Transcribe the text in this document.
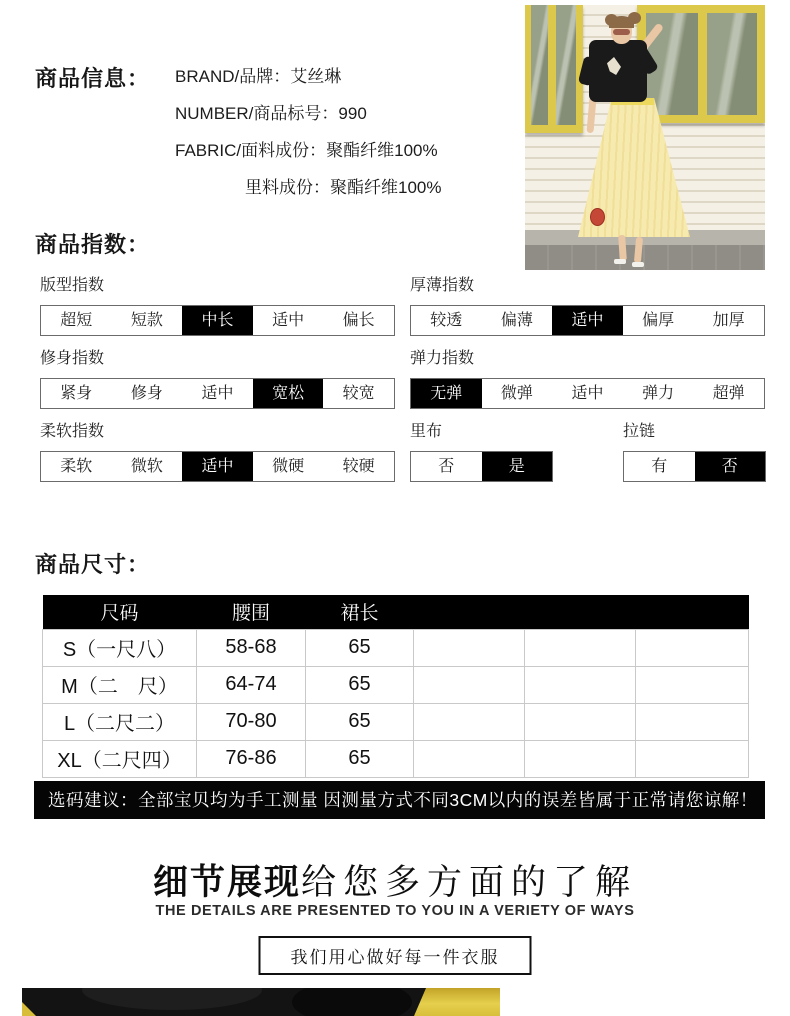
商品信息： BRAND/品牌：艾丝琳
NUMBER/商品标号：990
FABRIC/面料成份：聚酯纤维100%
里料成份：聚酯纤维100%
商品指数：
版型指数
超短	短款	中长	适中	偏长
厚薄指数
较透	偏薄	适中	偏厚	加厚
修身指数
紧身	修身	适中	宽松	较宽
弹力指数
无弹	微弹	适中	弹力	超弹
柔软指数
柔软	微软	适中	微硬	较硬
里布
否	是
拉链
有	否
商品尺寸：
尺码	腰围	裙长			
S（一尺八）	58-68	65			
M（二　尺）	64-74	65			
L（二尺二）	70-80	65			
XL（二尺四）	76-86	65			
选码建议：全部宝贝均为手工测量 因测量方式不同3CM以内的误差皆属于正常请您谅解！
细节展现给您多方面的了解
THE DETAILS ARE PRESENTED TO YOU IN A VERIETY OF WAYS
我们用心做好每一件衣服
